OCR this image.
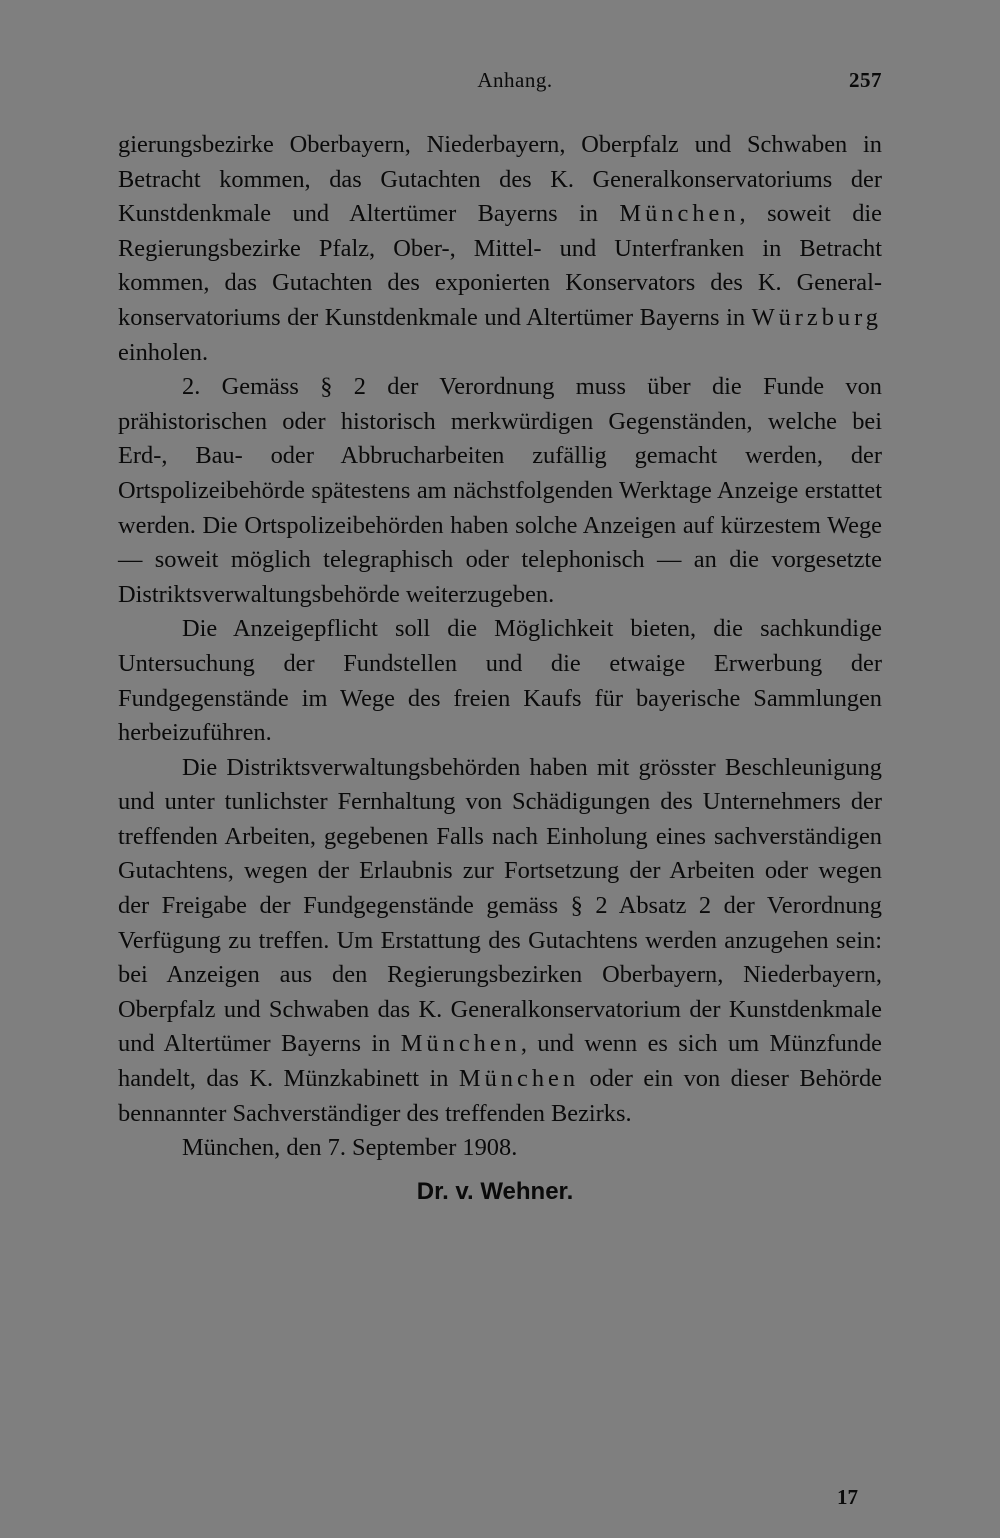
Anhang.	257

gierungsbezirke Oberbayern, Niederbayern, Oberpfalz und Schwaben in Betracht kommen, das Gutachten des K. Generalkonservatoriums der Kunstdenkmale und Altertümer Bayerns in München, soweit die Regierungsbezirke Pfalz, Ober-, Mittel- und Unterfranken in Betracht kommen, das Gutachten des exponierten Konservators des K. Generalkonservatoriums der Kunstdenkmale und Altertümer Bayerns in Würzburg einholen.

2. Gemäss § 2 der Verordnung muss über die Funde von prähistorischen oder historisch merkwürdigen Gegenständen, welche bei Erd-, Bau- oder Abbrucharbeiten zufällig gemacht werden, der Ortspolizeibehörde spätestens am nächstfolgenden Werktage Anzeige erstattet werden. Die Ortspolizeibehörden haben solche Anzeigen auf kürzestem Wege — soweit möglich telegraphisch oder telephonisch — an die vorgesetzte Distriktsverwaltungsbehörde weiterzugeben.

Die Anzeigepflicht soll die Möglichkeit bieten, die sachkundige Untersuchung der Fundstellen und die etwaige Erwerbung der Fundgegenstände im Wege des freien Kaufs für bayerische Sammlungen herbeizuführen.

Die Distriktsverwaltungsbehörden haben mit grösster Beschleunigung und unter tunlichster Fernhaltung von Schädigungen des Unternehmers der treffenden Arbeiten, gegebenen Falls nach Einholung eines sachverständigen Gutachtens, wegen der Erlaubnis zur Fortsetzung der Arbeiten oder wegen der Freigabe der Fundgegenstände gemäss § 2 Absatz 2 der Verordnung Verfügung zu treffen. Um Erstattung des Gutachtens werden anzugehen sein: bei Anzeigen aus den Regierungsbezirken Oberbayern, Niederbayern, Oberpfalz und Schwaben das K. Generalkonservatorium der Kunstdenkmale und Altertümer Bayerns in München, und wenn es sich um Münzfunde handelt, das K. Münzkabinett in München oder ein von dieser Behörde bennannter Sachverständiger des treffenden Bezirks.

München, den 7. September 1908.

Dr. v. Wehner.
17
